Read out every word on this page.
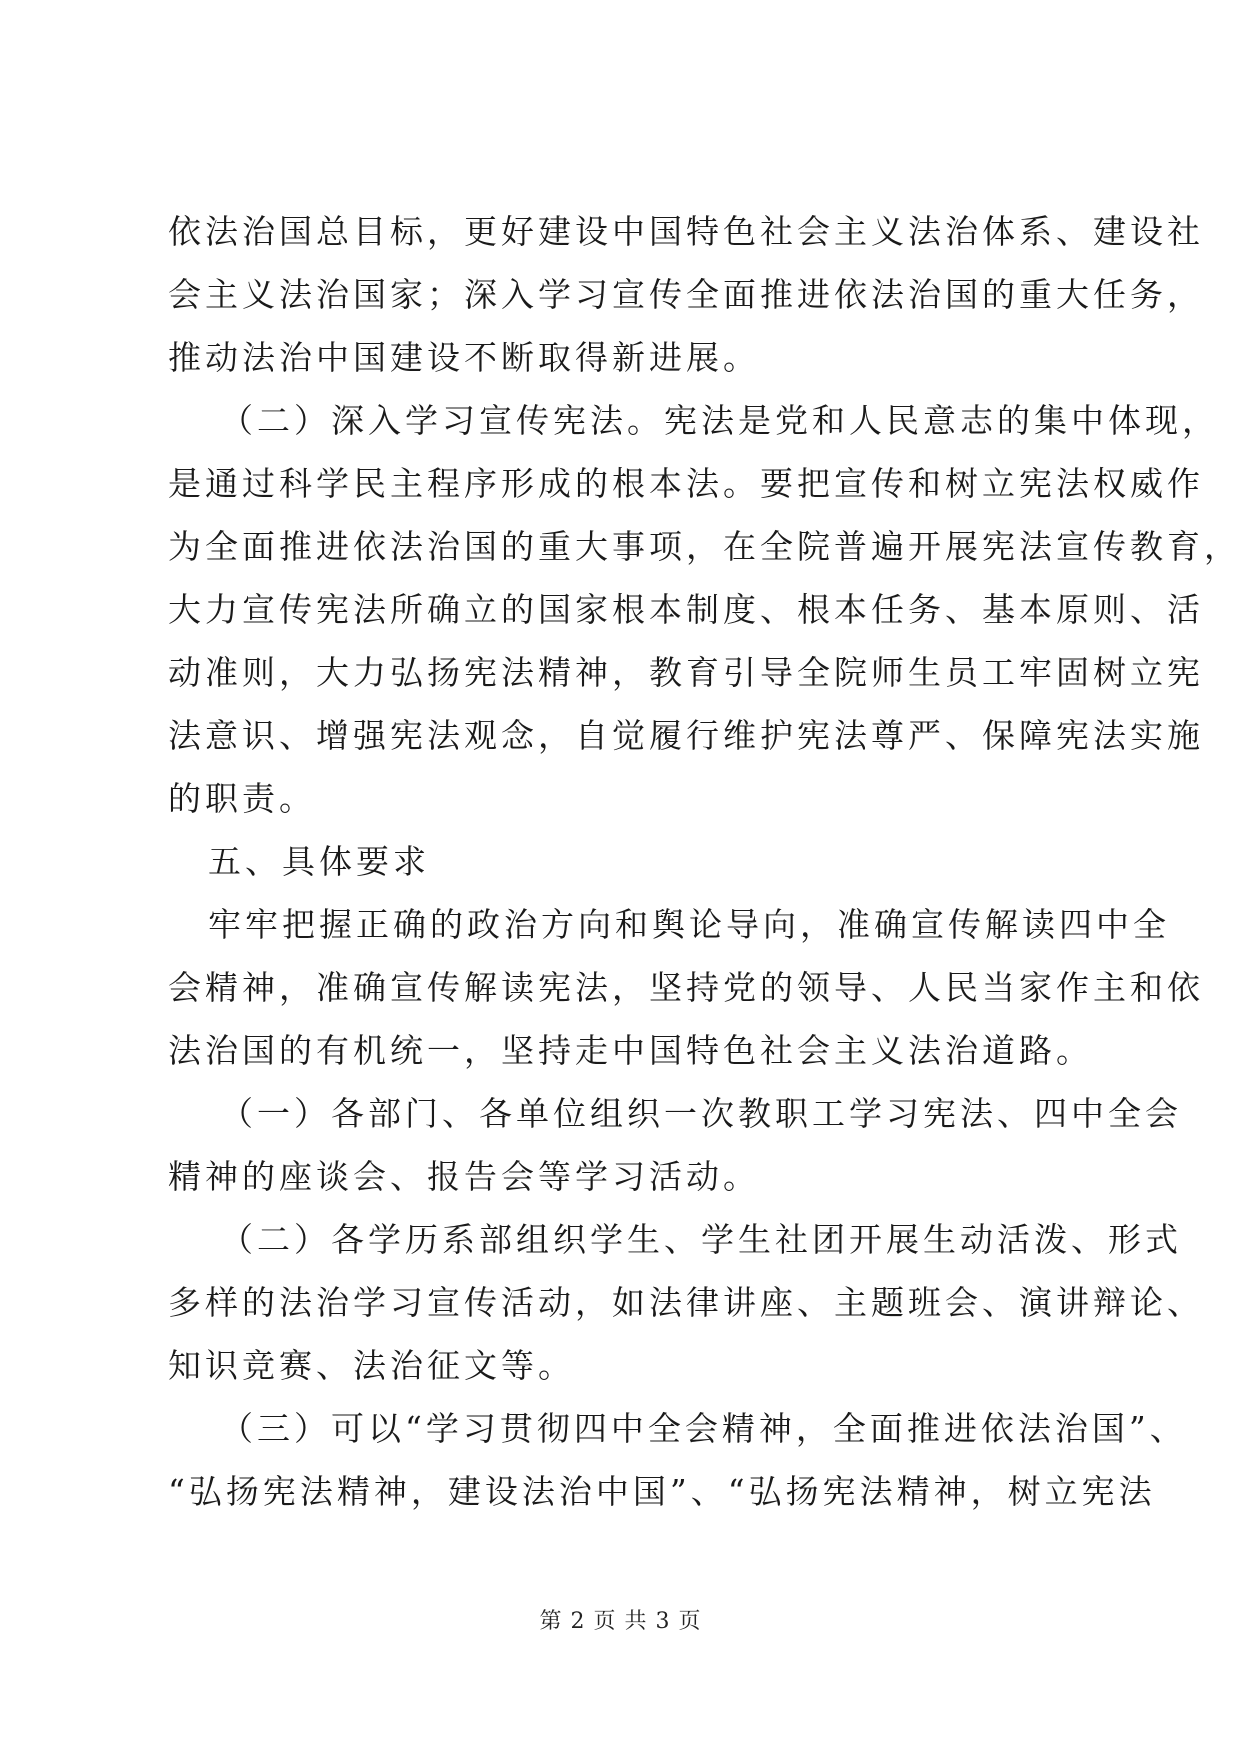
依法治国总目标，更好建设中国特色社会主义法治体系、建设社
会主义法治国家；深入学习宣传全面推进依法治国的重大任务，
推动法治中国建设不断取得新进展。
（二）深入学习宣传宪法。宪法是党和人民意志的集中体现，
是通过科学民主程序形成的根本法。要把宣传和树立宪法权威作
为全面推进依法治国的重大事项，在全院普遍开展宪法宣传教育，
大力宣传宪法所确立的国家根本制度、根本任务、基本原则、活
动准则，大力弘扬宪法精神，教育引导全院师生员工牢固树立宪
法意识、增强宪法观念，自觉履行维护宪法尊严、保障宪法实施
的职责。
五、具体要求
牢牢把握正确的政治方向和舆论导向，准确宣传解读四中全
会精神，准确宣传解读宪法，坚持党的领导、人民当家作主和依
法治国的有机统一，坚持走中国特色社会主义法治道路。
（一）各部门、各单位组织一次教职工学习宪法、四中全会
精神的座谈会、报告会等学习活动。
（二）各学历系部组织学生、学生社团开展生动活泼、形式
多样的法治学习宣传活动，如法律讲座、主题班会、演讲辩论、
知识竞赛、法治征文等。
（三）可以“学习贯彻四中全会精神，全面推进依法治国”、
“弘扬宪法精神，建设法治中国”、“弘扬宪法精神，树立宪法
第 2 页 共 3 页
